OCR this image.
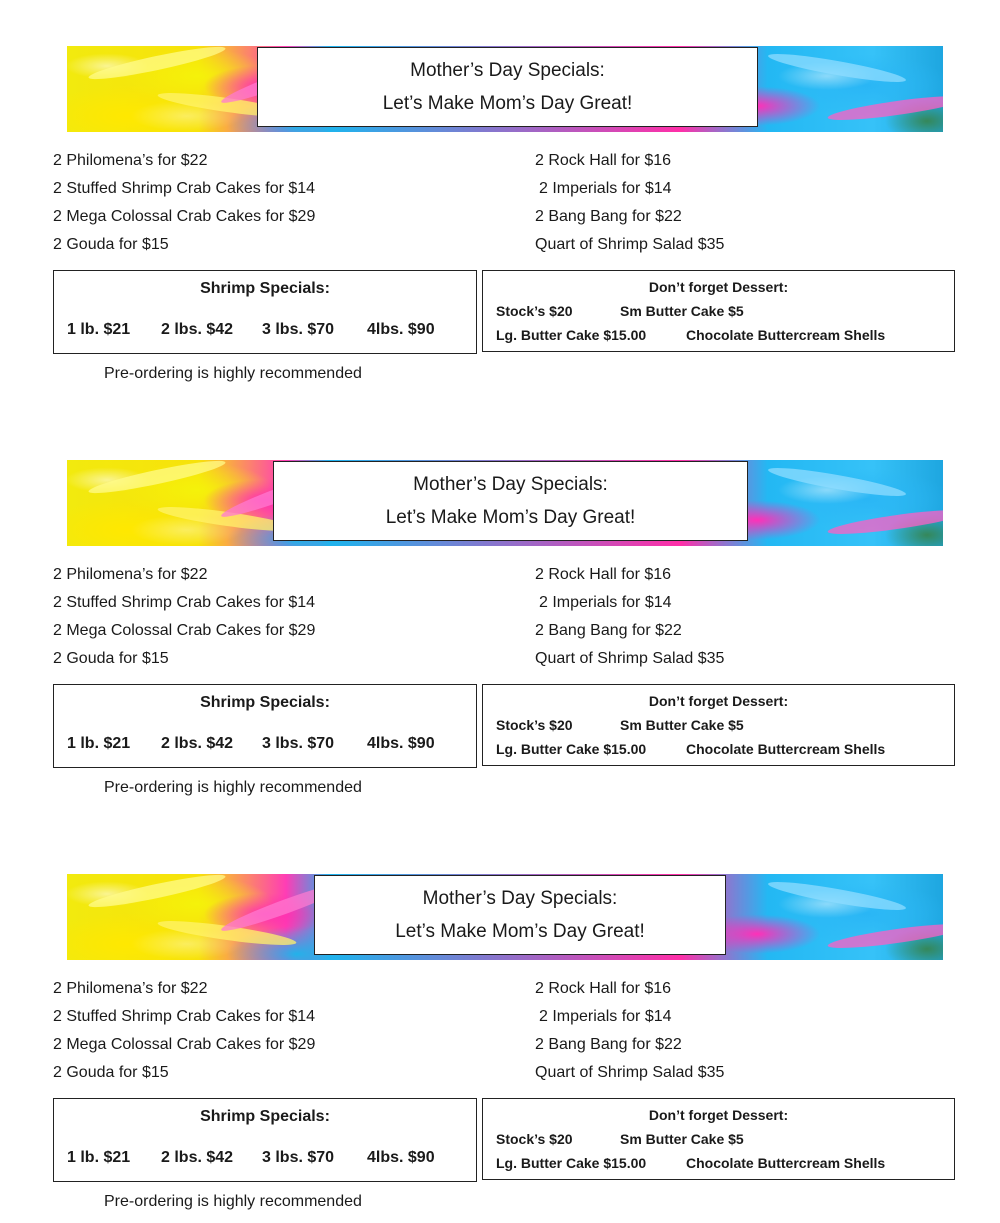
Mother’s Day Specials:
Let’s Make Mom’s Day Great!
2 Philomena’s for $22
2 Stuffed Shrimp Crab Cakes for $14
2 Mega Colossal Crab Cakes for $29
2 Gouda for $15
2 Rock Hall for $16
2 Imperials for $14
2 Bang Bang for $22
Quart of Shrimp Salad $35
Shrimp Specials:
1 lb. $21 2 lbs. $42 3 lbs. $70 4lbs. $90
Don’t forget Dessert:
Stock’s $20	Sm Butter Cake $5
Lg. Butter Cake $15.00	Chocolate Buttercream Shells
Pre-ordering is highly recommended
Mother’s Day Specials:
Let’s Make Mom’s Day Great!
2 Philomena’s for $22
2 Stuffed Shrimp Crab Cakes for $14
2 Mega Colossal Crab Cakes for $29
2 Gouda for $15
2 Rock Hall for $16
2 Imperials for $14
2 Bang Bang for $22
Quart of Shrimp Salad $35
Shrimp Specials:
1 lb. $21 2 lbs. $42 3 lbs. $70 4lbs. $90
Don’t forget Dessert:
Stock’s $20	Sm Butter Cake $5
Lg. Butter Cake $15.00	Chocolate Buttercream Shells
Pre-ordering is highly recommended
Mother’s Day Specials:
Let’s Make Mom’s Day Great!
2 Philomena’s for $22
2 Stuffed Shrimp Crab Cakes for $14
2 Mega Colossal Crab Cakes for $29
2 Gouda for $15
2 Rock Hall for $16
2 Imperials for $14
2 Bang Bang for $22
Quart of Shrimp Salad $35
Shrimp Specials:
1 lb. $21 2 lbs. $42 3 lbs. $70 4lbs. $90
Don’t forget Dessert:
Stock’s $20	Sm Butter Cake $5
Lg. Butter Cake $15.00	Chocolate Buttercream Shells
Pre-ordering is highly recommended
